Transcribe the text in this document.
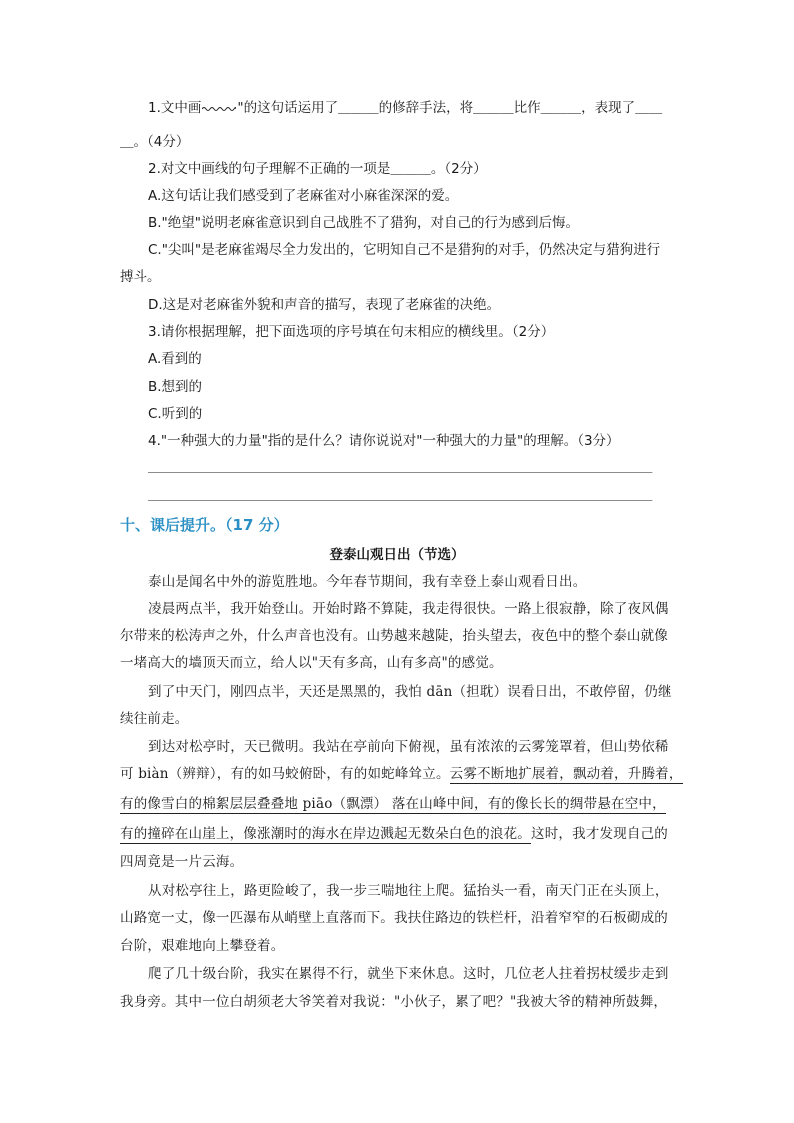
1.文中画	"的这句话运用了＿＿＿的修辞手法，将＿＿＿比作＿＿＿，表现了＿＿
＿。（4分）
2.对文中画线的句子理解不正确的一项是＿＿＿。（2分）
A.这句话让我们感受到了老麻雀对小麻雀深深的爱。
B."绝望"说明老麻雀意识到自己战胜不了猎狗，对自己的行为感到后悔。
C."尖叫"是老麻雀竭尽全力发出的，它明知自己不是猎狗的对手，仍然决定与猎狗进行
搏斗。
D.这是对老麻雀外貌和声音的描写，表现了老麻雀的决绝。
3.请你根据理解，把下面选项的序号填在句末相应的横线里。（2分）
A.看到的
B.想到的
C.听到的
4."一种强大的力量"指的是什么？请你说说对"一种强大的力量"的理解。（3分）
＿＿＿＿＿＿＿＿＿＿＿＿＿＿＿＿＿＿＿＿＿＿＿＿＿＿＿＿＿＿＿＿＿＿＿＿＿＿＿＿
＿＿＿＿＿＿＿＿＿＿＿＿＿＿＿＿＿＿＿＿＿＿＿＿＿＿＿＿＿＿＿＿＿＿＿＿＿＿＿＿
十、课后提升。（17 分）
登泰山观日出（节选）
泰山是闻名中外的游览胜地。今年春节期间，我有幸登上泰山观看日出。
凌晨两点半，我开始登山。开始时路不算陡，我走得很快。一路上很寂静，除了夜风偶
尔带来的松涛声之外，什么声音也没有。山势越来越陡，抬头望去，夜色中的整个泰山就像
一堵高大的墙顶天而立，给人以"天有多高，山有多高"的感觉。
到了中天门，刚四点半，天还是黑黑的，我怕 dān（担耽）误看日出，不敢停留，仍继
续往前走。
到达对松亭时，天已微明。我站在亭前向下俯视，虽有浓浓的云雾笼罩着，但山势依稀
可 biàn（辨辩），有的如马蛟俯卧，有的如蛇峰耸立。云雾不断地扩展着，飘动着，升腾着，
有的像雪白的棉絮层层叠叠地 piāo（飘漂） 落在山峰中间，有的像长长的绸带悬在空中，
有的撞碎在山崖上，像涨潮时的海水在岸边溅起无数朵白色的浪花。这时，我才发现自己的
四周竟是一片云海。
从对松亭往上，路更险峻了，我一步三喘地往上爬。猛抬头一看，南天门正在头顶上，
山路宽一丈，像一匹瀑布从峭壁上直落而下。我扶住路边的铁栏杆，沿着窄窄的石板砌成的
台阶，艰难地向上攀登着。
爬了几十级台阶，我实在累得不行，就坐下来休息。这时，几位老人拄着拐杖缓步走到
我身旁。其中一位白胡须老大爷笑着对我说："小伙子，累了吧？"我被大爷的精神所鼓舞，
